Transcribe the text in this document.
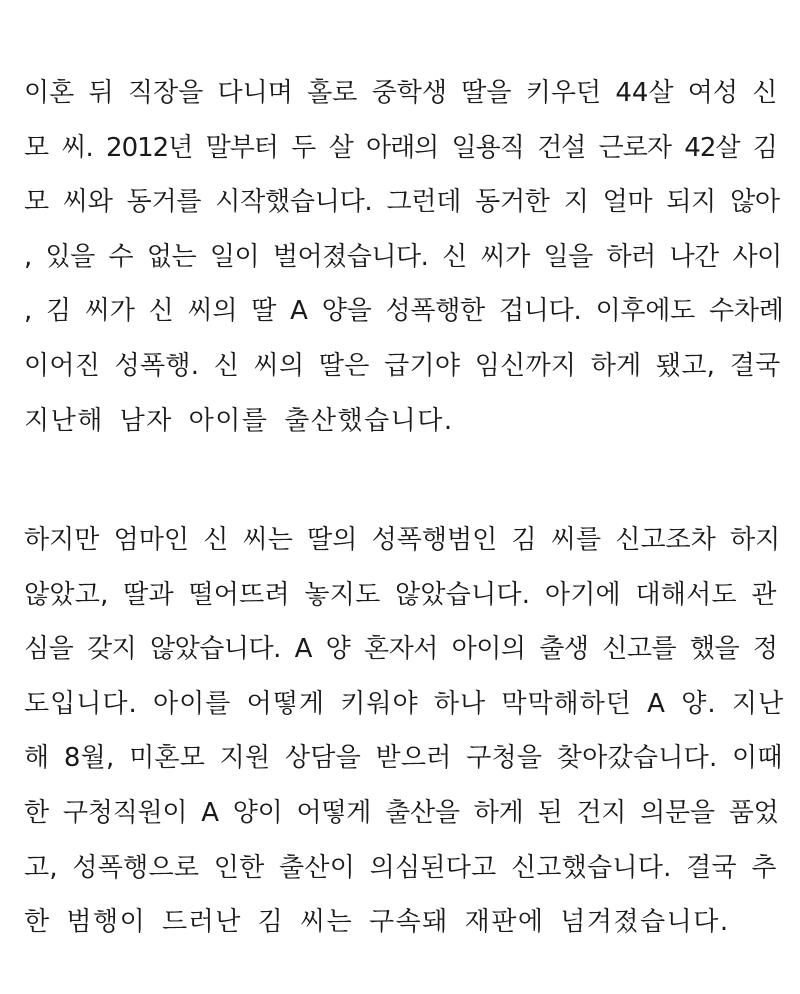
이혼 뒤 직장을 다니며 홀로 중학생 딸을 키우던 44살 여성 신
모 씨. 2012년 말부터 두 살 아래의 일용직 건설 근로자 42살 김
모 씨와 동거를 시작했습니다. 그런데 동거한 지 얼마 되지 않아
, 있을 수 없는 일이 벌어졌습니다. 신 씨가 일을 하러 나간 사이
, 김 씨가 신 씨의 딸 A 양을 성폭행한 겁니다. 이후에도 수차례
이어진 성폭행. 신 씨의 딸은 급기야 임신까지 하게 됐고, 결국
지난해 남자 아이를 출산했습니다.
하지만 엄마인 신 씨는 딸의 성폭행범인 김 씨를 신고조차 하지
않았고, 딸과 떨어뜨려 놓지도 않았습니다. 아기에 대해서도 관
심을 갖지 않았습니다. A 양 혼자서 아이의 출생 신고를 했을 정
도입니다. 아이를 어떻게 키워야 하나 막막해하던 A 양. 지난
해 8월, 미혼모 지원 상담을 받으러 구청을 찾아갔습니다. 이때
한 구청직원이 A 양이 어떻게 출산을 하게 된 건지 의문을 품었
고, 성폭행으로 인한 출산이 의심된다고 신고했습니다. 결국 추
한 범행이 드러난 김 씨는 구속돼 재판에 넘겨졌습니다.
